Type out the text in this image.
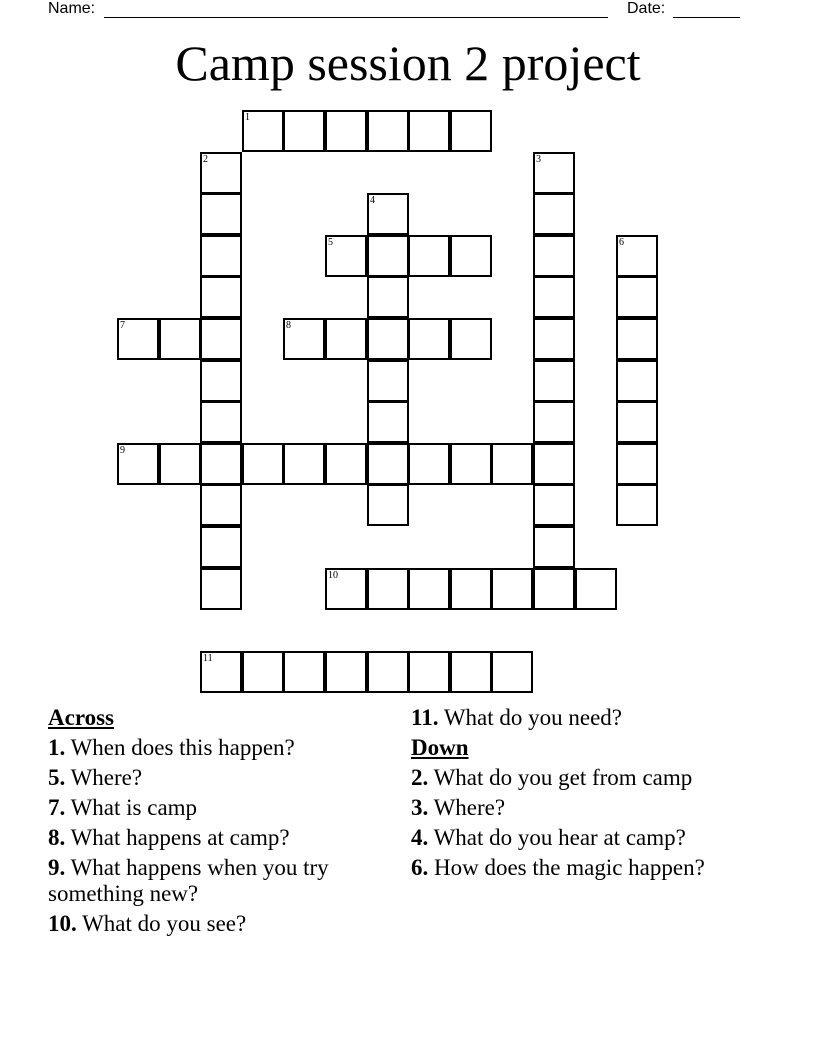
Name:	Date:
Camp session 2 project
1
2	3
4
5	6
7	8
9
10
11
Across
1. When does this happen?
5. Where?
7. What is camp
8. What happens at camp?
9. What happens when you try something new?
10. What do you see?
11. What do you need?
Down
2. What do you get from camp
3. Where?
4. What do you hear at camp?
6. How does the magic happen?
